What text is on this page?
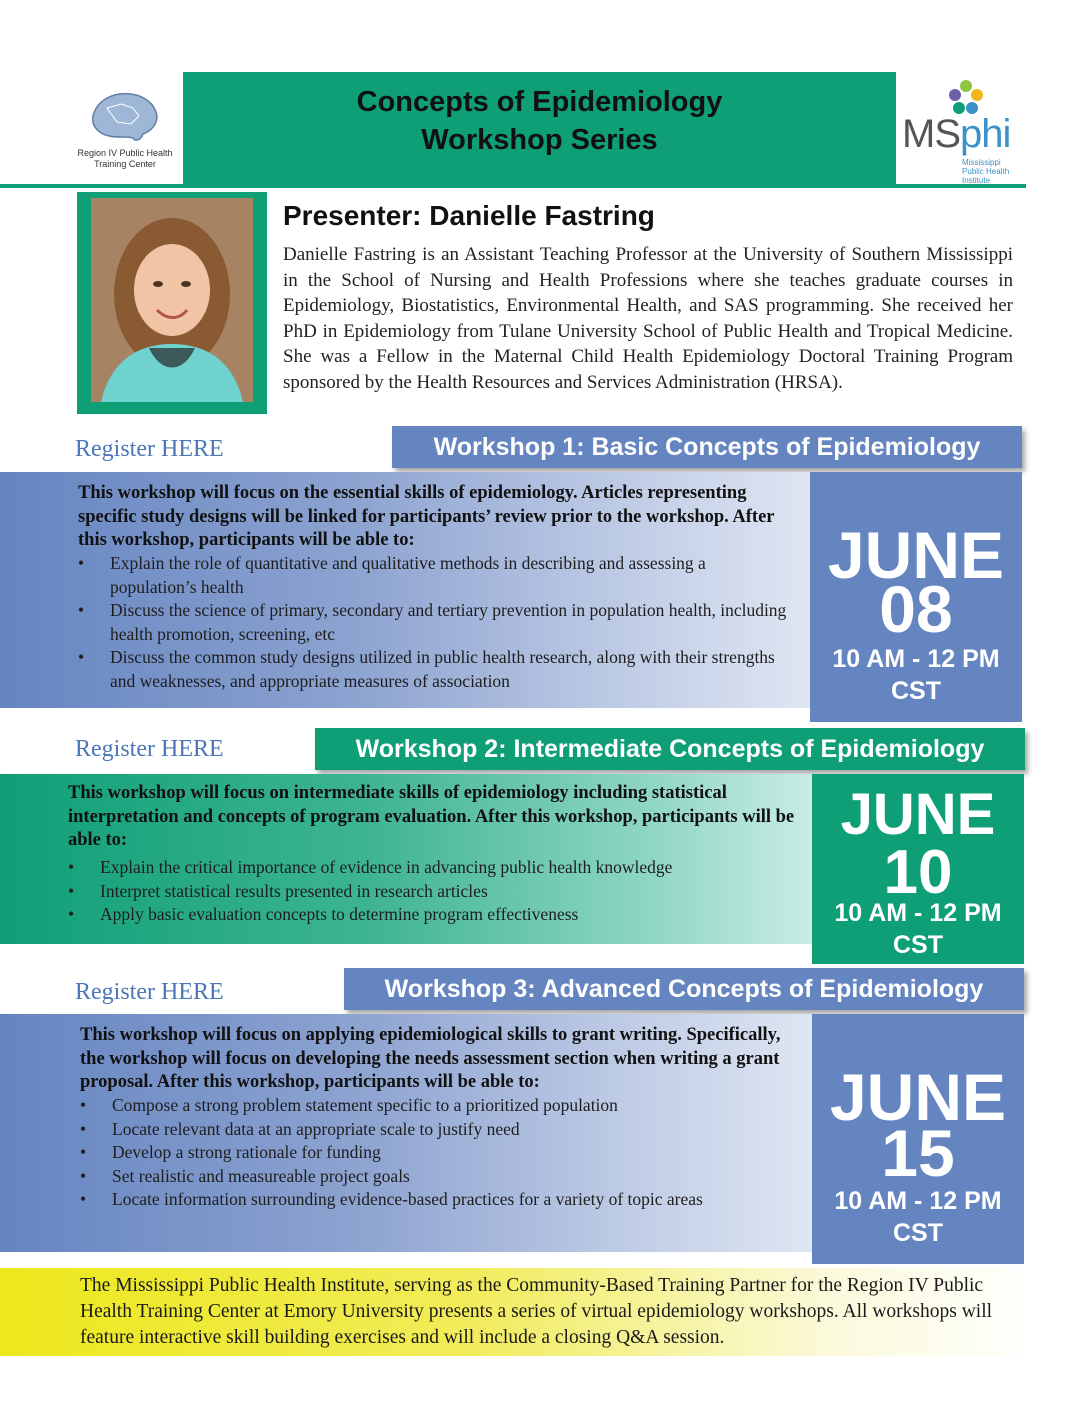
Region IV Public Health Training Center
Concepts of Epidemiology
Workshop Series	MSphi
Mississippi Public Health Institute
Presenter: Danielle Fastring
Danielle Fastring is an Assistant Teaching Professor at the University of Southern Mississippi in the School of Nursing and Health Professions where she teaches graduate courses in Epidemiology, Biostatistics, Environmental Health, and SAS programming. She received her PhD in Epidemiology from Tulane University School of Public Health and Tropical Medicine. She was a Fellow in the Maternal Child Health Epidemiology Doctoral Training Program sponsored by the Health Resources and Services Administration (HRSA).
Register HERE	Workshop 1: Basic Concepts of Epidemiology
This workshop will focus on the essential skills of epidemiology. Articles representing specific study designs will be linked for participants’ review prior to the workshop. After this workshop, participants will be able to:
• Explain the role of quantitative and qualitative methods in describing and assessing a population’s health
• Discuss the science of primary, secondary and tertiary prevention in population health, including health promotion, screening, etc
• Discuss the common study designs utilized in public health research, along with their strengths and weaknesses, and appropriate measures of association
JUNE
08
10 AM - 12 PM
CST
Register HERE	Workshop 2: Intermediate Concepts of Epidemiology
This workshop will focus on intermediate skills of epidemiology including statistical interpretation and concepts of program evaluation. After this workshop, participants will be able to:
• Explain the critical importance of evidence in advancing public health knowledge
• Interpret statistical results presented in research articles
• Apply basic evaluation concepts to determine program effectiveness
JUNE
10
10 AM - 12 PM
CST
Register HERE	Workshop 3: Advanced Concepts of Epidemiology
This workshop will focus on applying epidemiological skills to grant writing. Specifically, the workshop will focus on developing the needs assessment section when writing a grant proposal. After this workshop, participants will be able to:
• Compose a strong problem statement specific to a prioritized population
• Locate relevant data at an appropriate scale to justify need
• Develop a strong rationale for funding
• Set realistic and measureable project goals
• Locate information surrounding evidence-based practices for a variety of topic areas
JUNE
15
10 AM - 12 PM
CST
The Mississippi Public Health Institute, serving as the Community-Based Training Partner for the Region IV Public Health Training Center at Emory University presents a series of virtual epidemiology workshops. All workshops will feature interactive skill building exercises and will include a closing Q&A session.
